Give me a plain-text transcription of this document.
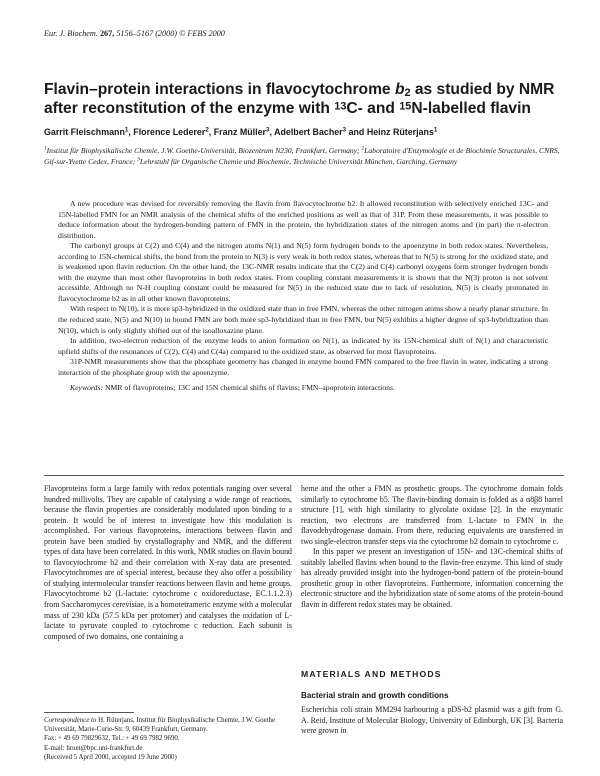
Eur. J. Biochem. 267, 5156–5167 (2000) © FEBS 2000
Flavin–protein interactions in flavocytochrome $b_2$ as studied by NMR after reconstitution of the enzyme with $^{13}$C- and $^{15}$N-labelled flavin
Garrit Fleischmann$^1$, Florence Lederer$^2$, Franz Müller$^3$, Adelbert Bacher$^3$ and Heinz Rüterjans$^1$
$^1$Institut für Biophysikalische Chemie, J.W. Goethe-Universität, Biozentrum N230, Frankfurt, Germany; $^2$Laboratoire d'Enzymologie et de Biochimie Structurales, CNRS, Gif-sur-Yvette Cedex, France; $^3$Lehrstuhl für Organische Chemie und Biochemie, Technische Universität München, Garching, Germany

A new procedure was devised for reversibly removing the flavin from flavocytochrome b2. It allowed reconstitution with selectively enriched 13C- and 15N-labelled FMN for an NMR analysis of the chemical shifts of the enriched positions as well as that of 31P. From these measurements, it was possible to deduce information about the hydrogen-bonding pattern of FMN in the protein, the hybridization states of the nitrogen atoms and (in part) the π-electron distribution.

The carbonyl groups at C(2) and C(4) and the nitrogen atoms N(1) and N(5) form hydrogen bonds to the apoenzyme in both redox states. Nevertheless, according to 15N-chemical shifts, the bond from the protein to N(3) is very weak in both redox states, whereas that to N(5) is strong for the oxidized state, and is weakened upon flavin reduction. On the other hand, the 13C-NMR results indicate that the C(2) and C(4) carbonyl oxygens form stronger hydrogen bonds with the enzyme than most other flavoproteins in both redox states. From coupling constant measurements it is shown that the N(3) proton is not solvent accessible. Although no N-H coupling constant could be measured for N(5) in the reduced state due to lack of resolution, N(5) is clearly protonated in flavocytochrome b2 as in all other known flavoproteins.

With respect to N(10), it is more sp3-hybridized in the oxidized state than in free FMN, whereas the other nitrogen atoms show a nearly planar structure. In the reduced state, N(5) and N(10) in bound FMN are both more sp3-hybridized than in free FMN, but N(5) exhibits a higher degree of sp3-hybridization than N(10), which is only slightly shifted out of the isoalloxazine plane.

In addition, two-electron reduction of the enzyme leads to anion formation on N(1), as indicated by its 15N-chemical shift of N(1) and characteristic upfield shifts of the resonances of C(2), C(4) and C(4a) compared to the oxidized state, as observed for most flavoproteins.

31P-NMR measurements show that the phosphate geometry has changed in enzyme bound FMN compared to the free flavin in water, indicating a strong interaction of the phosphate group with the apoenzyme.

Keywords: NMR of flavoproteins; 13C and 15N chemical shifts of flavins; FMN–apoprotein interactions.

Flavoproteins form a large family with redox potentials ranging over several hundred millivolts. They are capable of catalysing a wide range of reactions, because the flavin properties are considerably modulated upon binding to a protein. It would be of interest to investigate how this modulation is accomplished. For various flavoproteins, interactions between flavin and protein have been studied by crystallography and NMR, and the different types of data have been correlated. In this work, NMR studies on flavin bound to flavocytochrome b2 and their correlation with X-ray data are presented. Flavocytochromes are of special interest, because they also offer a possibility of studying intermolecular transfer reactions between flavin and heme groups. Flavocytochrome b2 (L-lactate: cytochrome c oxidoreductase, EC.1.1.2.3) from Saccharomyces cerevisiae, is a homotetrameric enzyme with a molecular mass of 230 kDa (57.5 kDa per protomer) and catalyses the oxidation of L-lactate to pyruvate coupled to cytochrome c reduction. Each subunit is composed of two domains, one containing a

heme and the other a FMN as prosthetic groups. The cytochrome domain folds similarly to cytochrome b5. The flavin-binding domain is folded as a α8β8 barrel structure [1], with high similarity to glycolate oxidase [2]. In the enzymatic reaction, two electrons are transferred from L-lactate to FMN in the flavodehydrogenase domain. From there, reducing equivalents are transferred in two single-electron transfer steps via the cytochrome b2 domain to cytochrome c.

In this paper we present an investigation of 15N- and 13C-chemical shifts of suitably labelled flavins when bound to the flavin-free enzyme. This kind of study has already provided insight into the hydrogen-bond pattern of the protein-bound prosthetic group in other flavoproteins. Furthermore, information concerning the electronic structure and the hybridization state of some atoms of the protein-bound flavin in different redox states may be obtained.

MATERIALS AND METHODS
Bacterial strain and growth conditions
Escherichia coli strain MM294 harbouring a pDS-b2 plasmid was a gift from G. A. Reid, Institute of Molecular Biology, University of Edinburgh, UK [3]. Bacteria were grown in
Correspondence to H. Rüterjans, Institut für Biophysikalische Chemie, J.W. Goethe Universität, Marie-Curie-Str. 9, 60439 Frankfurt, Germany.
Fax: + 49 69 79829632, Tel.: + 49 69 7982 9690.
E-mail: hruet@bpc.uni-frankfurt.de
(Received 5 April 2000, accepted 19 June 2000)
